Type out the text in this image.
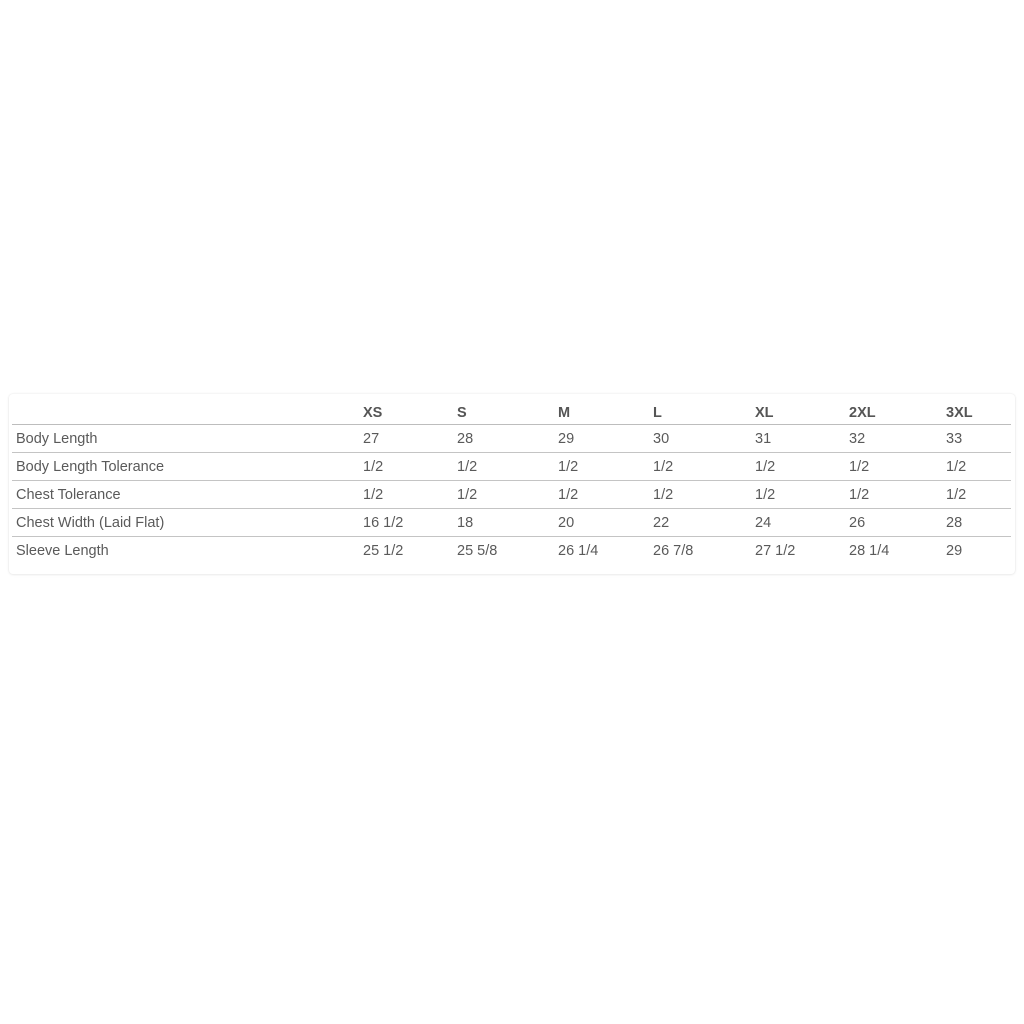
	XS	S	M	L	XL	2XL	3XL
Body Length	27	28	29	30	31	32	33
Body Length Tolerance	1/2	1/2	1/2	1/2	1/2	1/2	1/2
Chest Tolerance	1/2	1/2	1/2	1/2	1/2	1/2	1/2
Chest Width (Laid Flat)	16 1/2	18	20	22	24	26	28
Sleeve Length	25 1/2	25 5/8	26 1/4	26 7/8	27 1/2	28 1/4	29
